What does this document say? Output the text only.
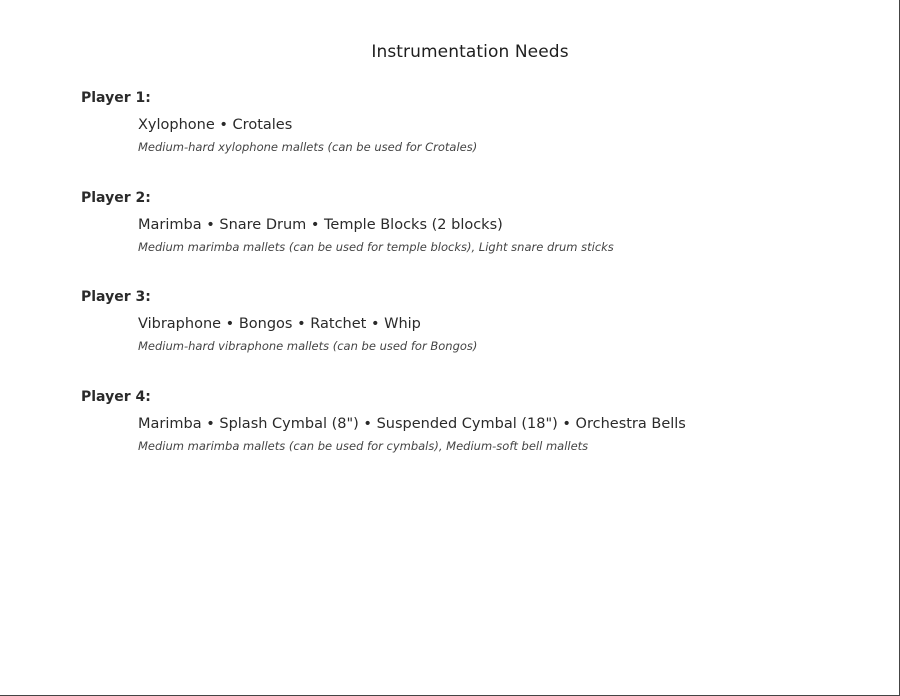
Instrumentation Needs
Player 1:
Xylophone • Crotales
Medium-hard xylophone mallets (can be used for Crotales)
Player 2:
Marimba • Snare Drum • Temple Blocks (2 blocks)
Medium marimba mallets (can be used for temple blocks), Light snare drum sticks
Player 3:
Vibraphone • Bongos • Ratchet • Whip
Medium-hard vibraphone mallets (can be used for Bongos)
Player 4:
Marimba • Splash Cymbal (8") • Suspended Cymbal (18") • Orchestra Bells
Medium marimba mallets (can be used for cymbals), Medium-soft bell mallets
